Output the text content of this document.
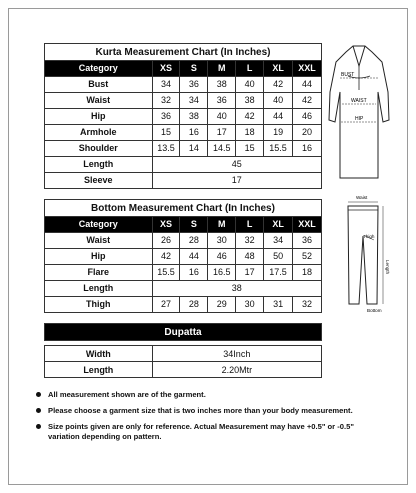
Kurta Measurement Chart (In Inches)						
Category	XS	S	M	L	XL	XXL
Bust	34	36	38	40	42	44
Waist	32	34	36	38	40	42
Hip	36	38	40	42	44	46
Armhole	15	16	17	18	19	20
Shoulder	13.5	14	14.5	15	15.5	16
Length	45					
Sleeve	17					
BUST
WAIST
HIP
Bottom Measurement Chart (In Inches)						
Category	XS	S	M	L	XL	XXL
Waist	26	28	30	32	34	36
Hip	42	44	46	48	50	52
Flare	15.5	16	16.5	17	17.5	18
Length	38					
Thigh	27	28	29	30	31	32
Waist
Thigh
Length
Bottom
Dupatta	

Width	34Inch
Length	2.20Mtr
All measurement shown are of the garment.
Please choose a garment size that is two inches more than your body measurement.
Size points given are only for reference. Actual Measurement may have +0.5" or -0.5" variation depending on pattern.
